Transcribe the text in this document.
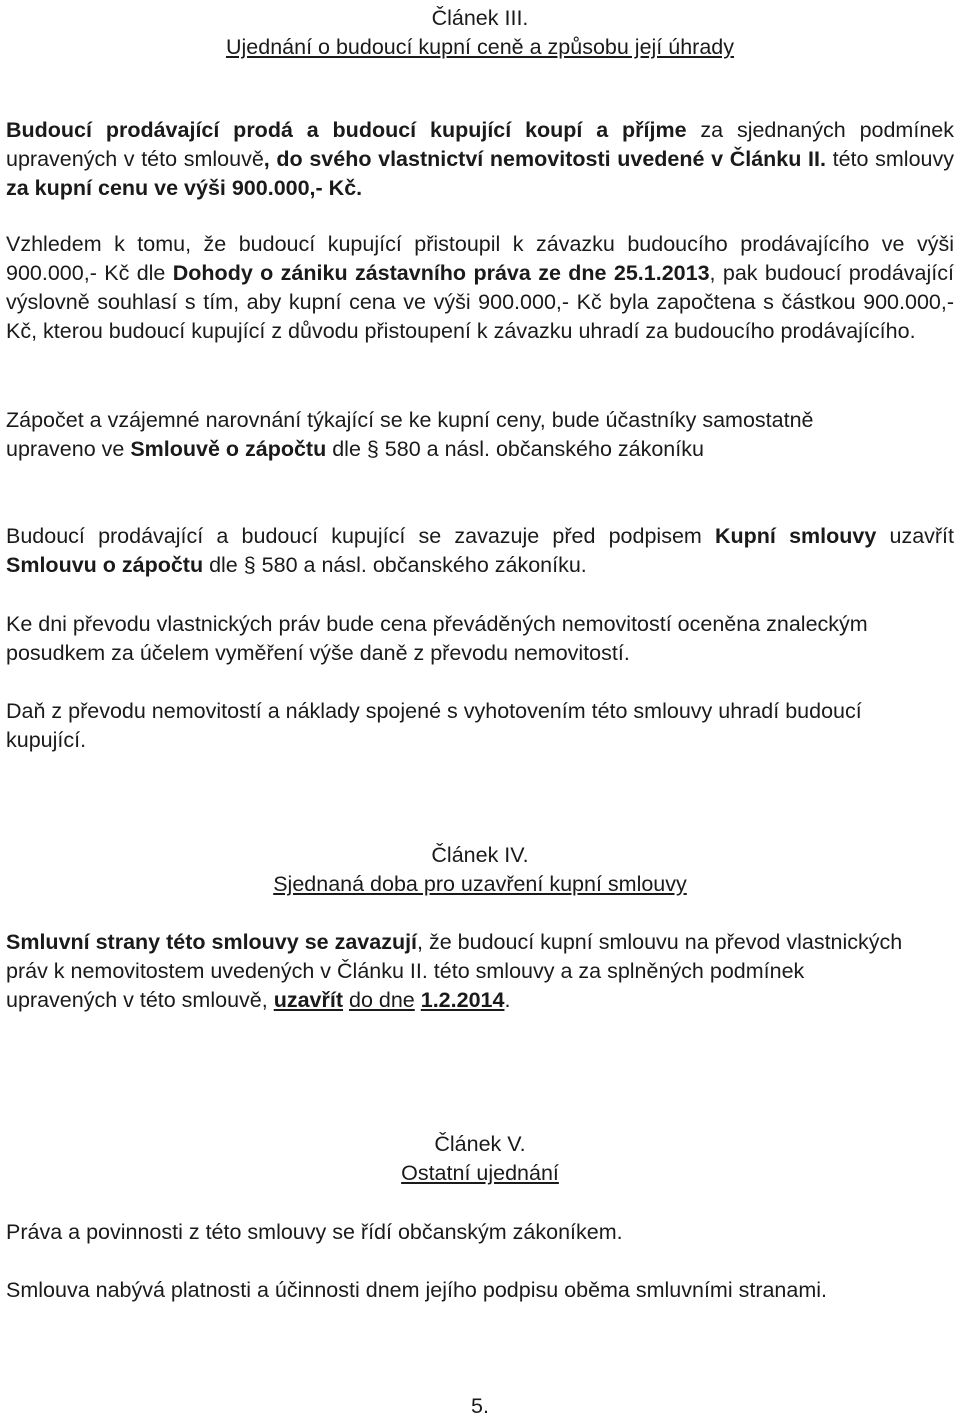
Článek III.

Ujednání o budoucí kupní ceně a způsobu její úhrady

Budoucí prodávající prodá a budoucí kupující koupí a příjme za sjednaných podmínek upravených v této smlouvě, do svého vlastnictví nemovitosti uvedené v Článku II. této smlouvy za kupní cenu ve výši 900.000,- Kč.

Vzhledem k tomu, že budoucí kupující přistoupil k závazku budoucího prodávajícího ve výši 900.000,- Kč dle Dohody o zániku zástavního práva ze dne 25.1.2013, pak budoucí prodávající výslovně souhlasí s tím, aby kupní cena ve výši 900.000,- Kč byla započtena s částkou 900.000,- Kč, kterou budoucí kupující z důvodu přistoupení k závazku uhradí za budoucího prodávajícího.

Zápočet a vzájemné narovnání týkající se ke kupní ceny, bude účastníky samostatně upraveno ve Smlouvě o zápočtu dle § 580 a násl. občanského zákoníku

Budoucí prodávající a budoucí kupující se zavazuje před podpisem Kupní smlouvy uzavřít Smlouvu o zápočtu dle § 580 a násl. občanského zákoníku.

Ke dni převodu vlastnických práv bude cena převáděných nemovitostí oceněna znaleckým posudkem za účelem vyměření výše daně z převodu nemovitostí.

Daň z převodu nemovitostí a náklady spojené s vyhotovením této smlouvy uhradí budoucí kupující.

Článek IV.

Sjednaná doba pro uzavření kupní smlouvy

Smluvní strany této smlouvy se zavazují, že budoucí kupní smlouvu na převod vlastnických práv k nemovitostem uvedených v Článku II. této smlouvy a za splněných podmínek upravených v této smlouvě, uzavřít do dne 1.2.2014.

Článek V.

Ostatní ujednání

Práva a povinnosti z této smlouvy se řídí občanským zákoníkem.

Smlouva nabývá platnosti a účinnosti dnem jejího podpisu oběma smluvními stranami.

5.
